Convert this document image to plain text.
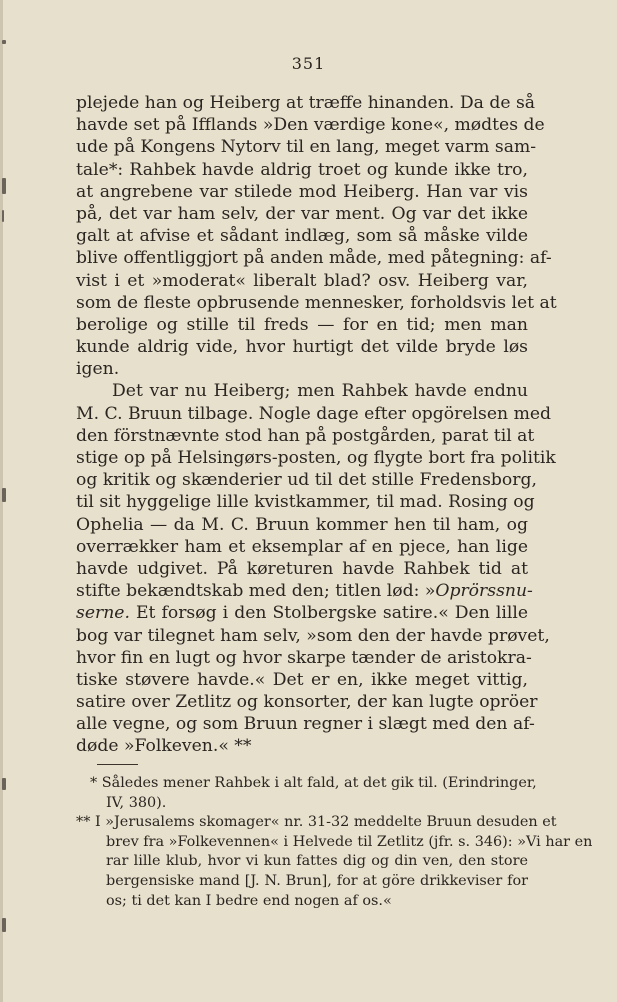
351
plejede han og Heiberg at træffe hinanden. Da de så
havde set på Ifflands »Den værdige kone«, mødtes de
ude på Kongens Nytorv til en lang, meget varm sam-
tale*: Rahbek havde aldrig troet og kunde ikke tro,
at angrebene var stilede mod Heiberg. Han var vis
på, det var ham selv, der var ment. Og var det ikke
galt at afvise et sådant indlæg, som så måske vilde
blive offentliggjort på anden måde, med påtegning: af-
vist i et »moderat« liberalt blad? osv. Heiberg var,
som de fleste opbrusende mennesker, forholdsvis let at
berolige og stille til freds — for en tid; men man
kunde aldrig vide, hvor hurtigt det vilde bryde løs
igen.
Det var nu Heiberg; men Rahbek havde endnu
M. C. Bruun tilbage. Nogle dage efter opgörelsen med
den förstnævnte stod han på postgården, parat til at
stige op på Helsingørs-posten, og flygte bort fra politik
og kritik og skænderier ud til det stille Fredensborg,
til sit hyggelige lille kvistkammer, til mad. Rosing og
Ophelia — da M. C. Bruun kommer hen til ham, og
overrækker ham et eksemplar af en pjece, han lige
havde udgivet. På køreturen havde Rahbek tid at
stifte bekændtskab med den; titlen lød: »Oprörssnu-
serne. Et forsøg i den Stolbergske satire.« Den lille
bog var tilegnet ham selv, »som den der havde prøvet,
hvor fin en lugt og hvor skarpe tænder de aristokra-
tiske støvere havde.« Det er en, ikke meget vittig,
satire over Zetlitz og konsorter, der kan lugte opröer
alle vegne, og som Bruun regner i slægt med den af-
døde »Folkeven.« **
* Således mener Rahbek i alt fald, at det gik til. (Erindringer,
IV, 380).
** I »Jerusalems skomager« nr. 31-32 meddelte Bruun desuden et
brev fra »Folkevennen« i Helvede til Zetlitz (jfr. s. 346): »Vi har en
rar lille klub, hvor vi kun fattes dig og din ven, den store
bergensiske mand [J. N. Brun], for at göre drikkeviser for
os; ti det kan I bedre end nogen af os.«
